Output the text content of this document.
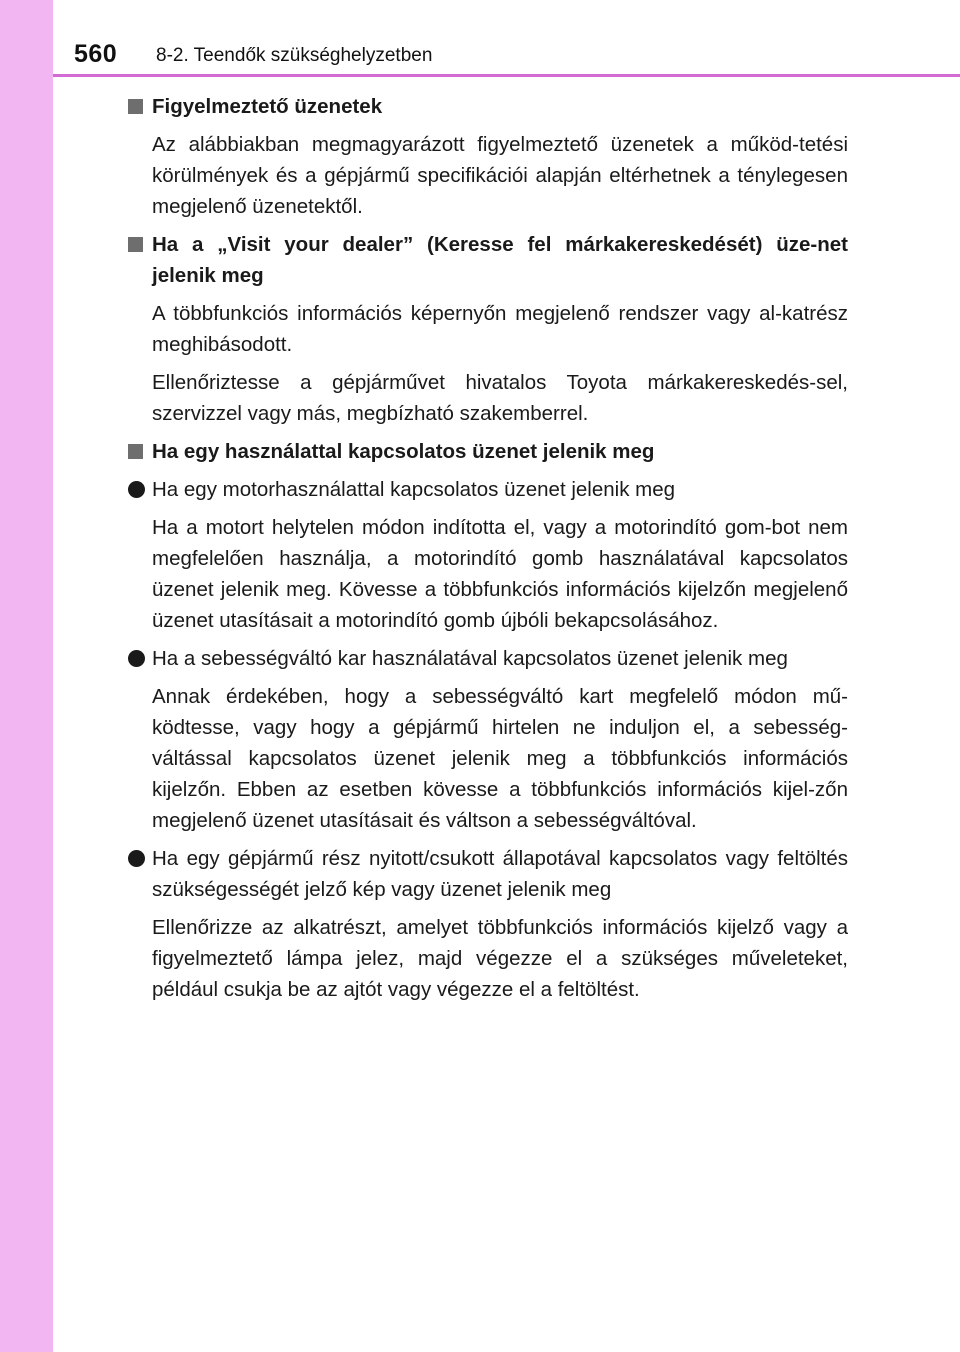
560 8-2. Teendők szükséghelyzetben
Figyelmeztető üzenetek
Az alábbiakban megmagyarázott figyelmeztető üzenetek a működ-tetési körülmények és a gépjármű specifikációi alapján eltérhetnek a ténylegesen megjelenő üzenetektől.
Ha a „Visit your dealer” (Keresse fel márkakereskedését) üze-net jelenik meg
A többfunkciós információs képernyőn megjelenő rendszer vagy al-katrész meghibásodott.
Ellenőriztesse a gépjárművet hivatalos Toyota márkakereskedés-sel, szervizzel vagy más, megbízható szakemberrel.
Ha egy használattal kapcsolatos üzenet jelenik meg
Ha egy motorhasználattal kapcsolatos üzenet jelenik meg
Ha a motort helytelen módon indította el, vagy a motorindító gom-bot nem megfelelően használja, a motorindító gomb használatával kapcsolatos üzenet jelenik meg. Kövesse a többfunkciós információs kijelzőn megjelenő üzenet utasításait a motorindító gomb újbóli bekapcsolásához.
Ha a sebességváltó kar használatával kapcsolatos üzenet jelenik meg
Annak érdekében, hogy a sebességváltó kart megfelelő módon mű-ködtesse, vagy hogy a gépjármű hirtelen ne induljon el, a sebesség-váltással kapcsolatos üzenet jelenik meg a többfunkciós információs kijelzőn. Ebben az esetben kövesse a többfunkciós információs kijel-zőn megjelenő üzenet utasításait és váltson a sebességváltóval.
Ha egy gépjármű rész nyitott/csukott állapotával kapcsolatos vagy feltöltés szükségességét jelző kép vagy üzenet jelenik meg
Ellenőrizze az alkatrészt, amelyet többfunkciós információs kijelző vagy a figyelmeztető lámpa jelez, majd végezze el a szükséges műveleteket, például csukja be az ajtót vagy végezze el a feltöltést.
